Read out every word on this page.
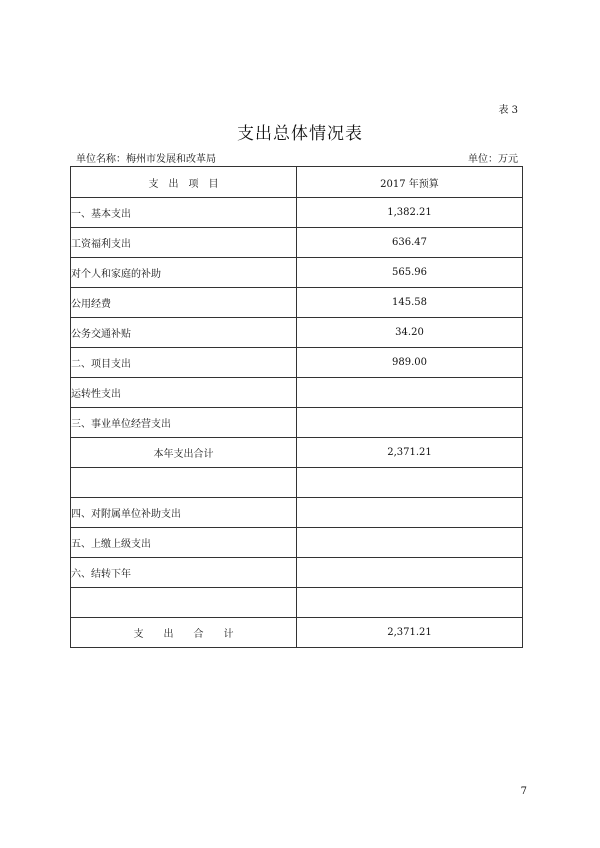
表 3
支出总体情况表
单位名称：梅州市发展和改革局	单位：万元
支　出　项　目	2017 年预算
一、基本支出	1,382.21
工资福利支出	636.47
对个人和家庭的补助	565.96
公用经费	145.58
公务交通补贴	34.20
二、项目支出	989.00
运转性支出	
三、事业单位经营支出	
本年支出合计	2,371.21

四、对附属单位补助支出	
五、上缴上级支出	
六、结转下年	

支　　出　　合　　计	2,371.21
7
